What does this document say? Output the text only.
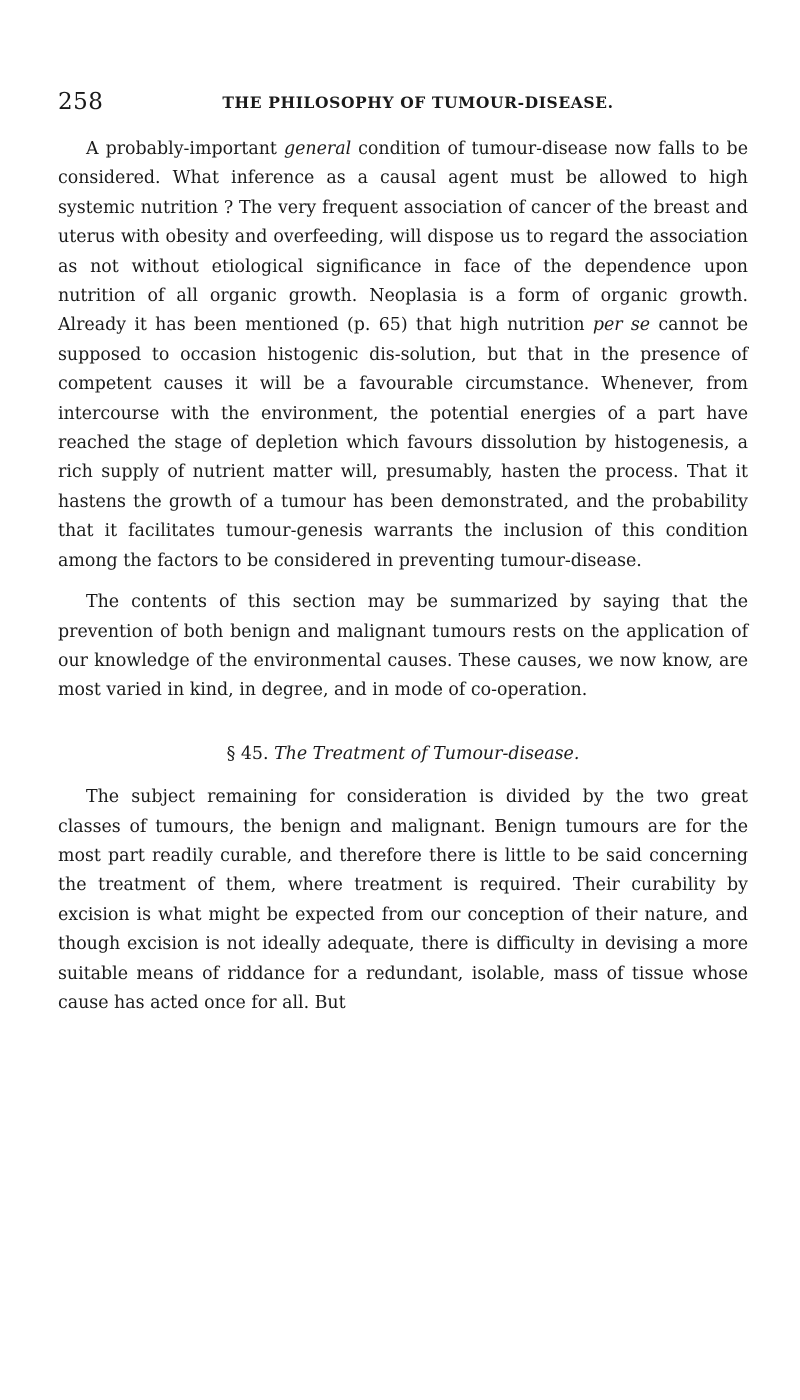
258	THE PHILOSOPHY OF TUMOUR-DISEASE.

A probably-important general condition of tumour-disease now falls to be considered. What inference as a causal agent must be allowed to high systemic nutrition ? The very frequent association of cancer of the breast and uterus with obesity and overfeeding, will dispose us to regard the association as not without etiological significance in face of the dependence upon nutrition of all organic growth. Neoplasia is a form of organic growth. Already it has been mentioned (p. 65) that high nutrition per se cannot be supposed to occasion histogenic dis-solution, but that in the presence of competent causes it will be a favourable circumstance. Whenever, from intercourse with the environment, the potential energies of a part have reached the stage of depletion which favours dissolution by histogenesis, a rich supply of nutrient matter will, presumably, hasten the process. That it hastens the growth of a tumour has been demonstrated, and the probability that it facilitates tumour-genesis warrants the inclusion of this condition among the factors to be considered in preventing tumour-disease.

The contents of this section may be summarized by saying that the prevention of both benign and malignant tumours rests on the application of our knowledge of the environmental causes. These causes, we now know, are most varied in kind, in degree, and in mode of co-operation.

§ 45. The Treatment of Tumour-disease.

The subject remaining for consideration is divided by the two great classes of tumours, the benign and malignant. Benign tumours are for the most part readily curable, and therefore there is little to be said concerning the treatment of them, where treatment is required. Their curability by excision is what might be expected from our conception of their nature, and though excision is not ideally adequate, there is difficulty in devising a more suitable means of riddance for a redundant, isolable, mass of tissue whose cause has acted once for all. But
